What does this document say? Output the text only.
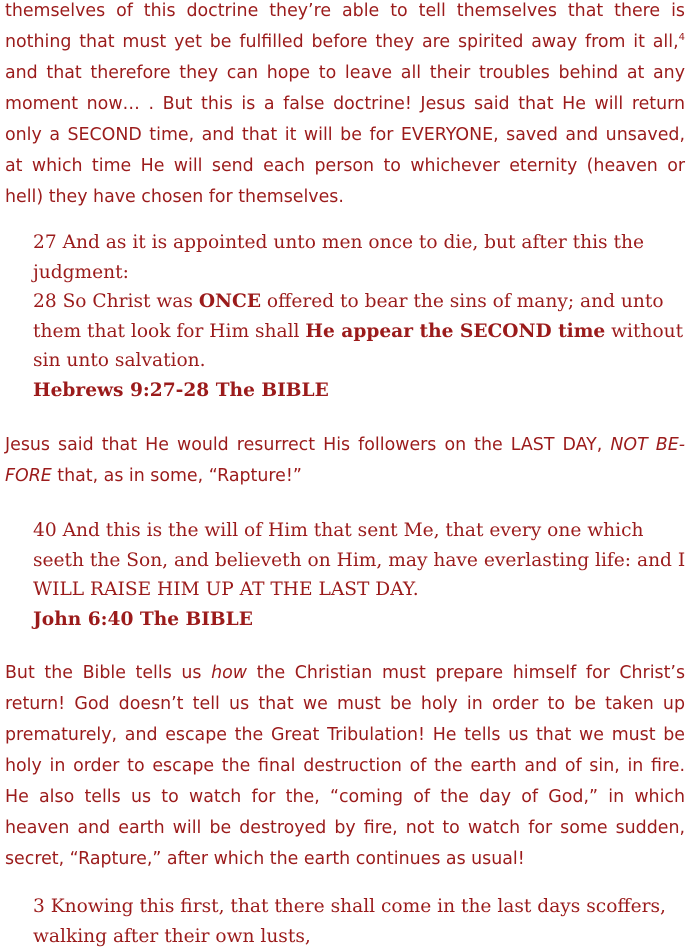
themselves of this doctrine they’re able to tell themselves that there is
nothing that must yet be fulfilled before they are spirited away from it all,$^4$
and that therefore they can hope to leave all their troubles behind at any
moment now… . But this is a false doctrine! Jesus said that He will return
only a SECOND time, and that it will be for EVERYONE, saved and unsaved,
at which time He will send each person to whichever eternity (heaven or
hell) they have chosen for themselves.

27 And as it is appointed unto men once to die, but after this the
judgment:
28 So Christ was ONCE offered to bear the sins of many; and unto
them that look for Him shall He appear the SECOND time without
sin unto salvation.
Hebrews 9:27-28 The BIBLE

Jesus said that He would resurrect His followers on the LAST DAY, NOT BE-
FORE that, as in some, “Rapture!”

40 And this is the will of Him that sent Me, that every one which
seeth the Son, and believeth on Him, may have everlasting life: and I
WILL RAISE HIM UP AT THE LAST DAY.
John 6:40 The BIBLE

But the Bible tells us how the Christian must prepare himself for Christ’s
return! God doesn’t tell us that we must be holy in order to be taken up
prematurely, and escape the Great Tribulation! He tells us that we must be
holy in order to escape the final destruction of the earth and of sin, in fire.
He also tells us to watch for the, “coming of the day of God,” in which
heaven and earth will be destroyed by fire, not to watch for some sudden,
secret, “Rapture,” after which the earth continues as usual!

3 Knowing this first, that there shall come in the last days scoffers,
walking after their own lusts,
